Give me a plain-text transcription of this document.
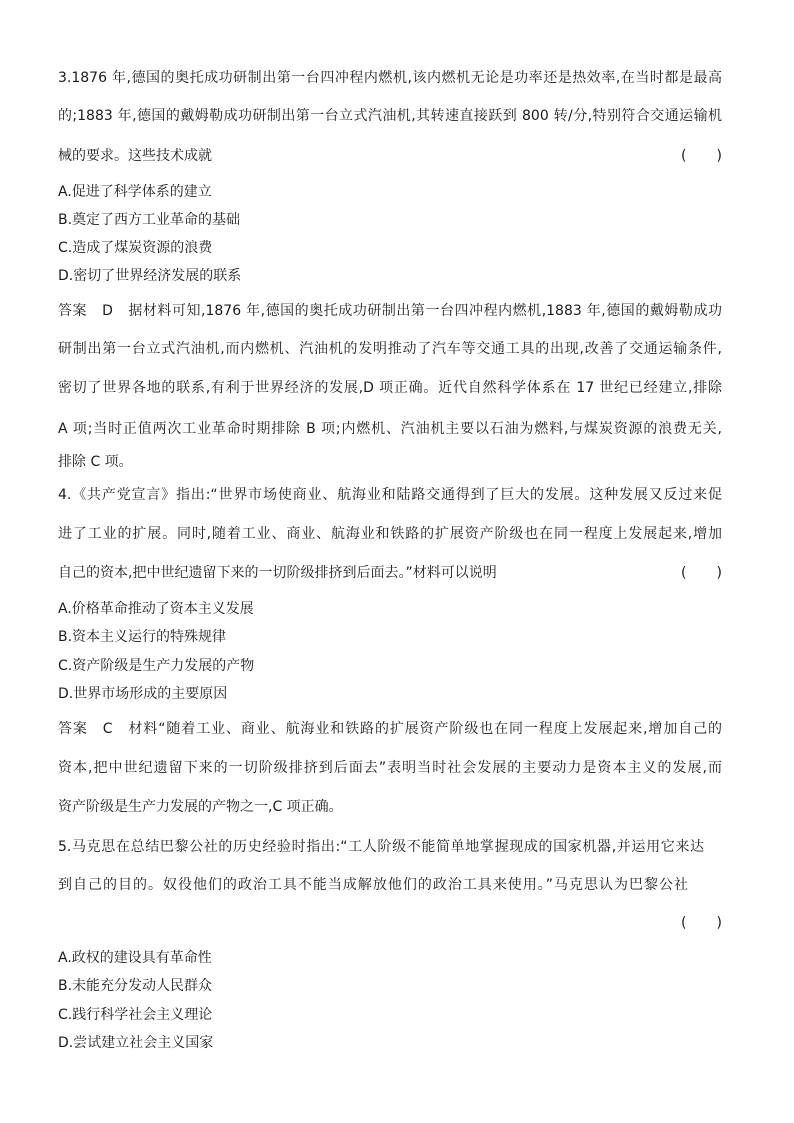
3.1876 年,德国的奥托成功研制出第一台四冲程内燃机,该内燃机无论是功率还是热效率,在当时都是最高
的;1883 年,德国的戴姆勒成功研制出第一台立式汽油机,其转速直接跃到 800 转/分,特别符合交通运输机
械的要求。这些技术成就	(　　)
A.促进了科学体系的建立
B.奠定了西方工业革命的基础
C.造成了煤炭资源的浪费
D.密切了世界经济发展的联系
答案 D 据材料可知,1876 年,德国的奥托成功研制出第一台四冲程内燃机,1883 年,德国的戴姆勒成功
研制出第一台立式汽油机,而内燃机、汽油机的发明推动了汽车等交通工具的出现,改善了交通运输条件,
密切了世界各地的联系,有利于世界经济的发展,D 项正确。近代自然科学体系在 17 世纪已经建立,排除
A 项;当时正值两次工业革命时期排除 B 项;内燃机、汽油机主要以石油为燃料,与煤炭资源的浪费无关,
排除 C 项。
4.《共产党宣言》指出:“世界市场使商业、航海业和陆路交通得到了巨大的发展。这种发展又反过来促
进了工业的扩展。同时,随着工业、商业、航海业和铁路的扩展资产阶级也在同一程度上发展起来,增加
自己的资本,把中世纪遗留下来的一切阶级排挤到后面去。”材料可以说明	(　　)
A.价格革命推动了资本主义发展
B.资本主义运行的特殊规律
C.资产阶级是生产力发展的产物
D.世界市场形成的主要原因
答案 C 材料“随着工业、商业、航海业和铁路的扩展资产阶级也在同一程度上发展起来,增加自己的
资本,把中世纪遗留下来的一切阶级排挤到后面去”表明当时社会发展的主要动力是资本主义的发展,而
资产阶级是生产力发展的产物之一,C 项正确。
5.马克思在总结巴黎公社的历史经验时指出:“工人阶级不能简单地掌握现成的国家机器,并运用它来达
到自己的目的。奴役他们的政治工具不能当成解放他们的政治工具来使用。”马克思认为巴黎公社
(　　)
A.政权的建设具有革命性
B.未能充分发动人民群众
C.践行科学社会主义理论
D.尝试建立社会主义国家
